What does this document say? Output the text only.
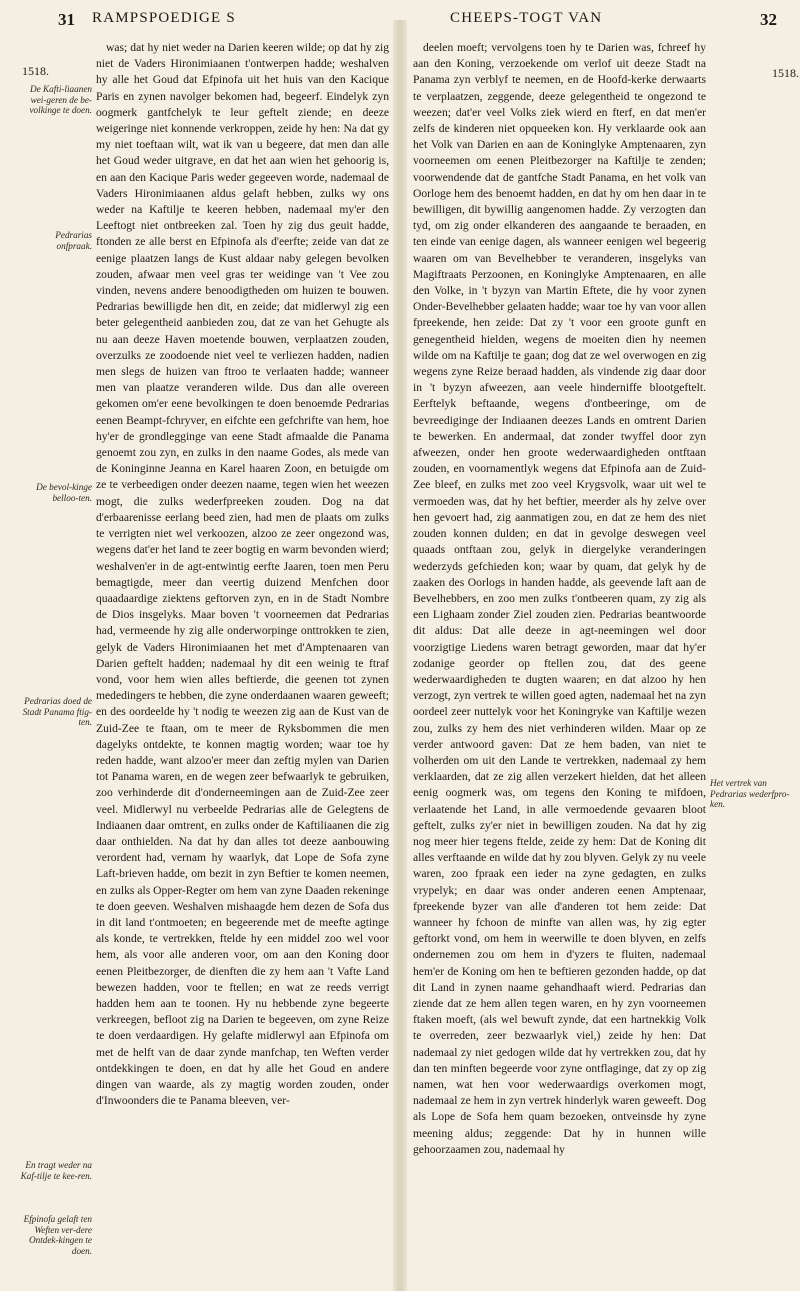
31 RAMPSPOEDIGE S	CHEEPS-TOGT VAN	32
1518.	1518.
De Kafti-liaanen wei-geren de be-volkinge te doen.
Pedrarias onfpraak.
De bevol-kinge belloo-ten.
Pedrarias doed de Stadt Panama ftig-ten.
En tragt weder na Kaf-tilje te kee-ren.
Efpinofa gelaft ten Weften ver-dere Ontdek-kingen te doen.
Het vertrek van Pedrarias wederfpro-ken.

was; dat hy niet weder na Darien keeren wilde; op dat hy zig niet de Vaders Hironimiaanen t'ontwerpen hadde; weshalven hy alle het Goud dat Efpinofa uit het huis van den Kacique Paris en zynen navolger bekomen had, begeerf. Eindelyk zyn oogmerk gantfchelyk te leur geftelt ziende; en deeze weigeringe niet konnende verkroppen, zeide hy hen: Na dat gy my niet toeftaan wilt, wat ik van u begeere, dat men dan alle het Goud weder uitgrave, en dat het aan wien het gehoorig is, en aan den Kacique Paris weder gegeeven worde, nademaal de Vaders Hironimiaanen aldus gelaft hebben, zulks wy ons weder na Kaftilje te keeren hebben, nademaal my'er den Leeftogt niet ontbreeken zal. Toen hy zig dus geuit hadde, ftonden ze alle berst en Efpinofa als d'eerfte; zeide van dat ze eenige plaatzen langs de Kust aldaar naby gelegen bevolken zouden, afwaar men veel gras ter weidinge van 't Vee zou vinden, nevens andere benoodigtheden om huizen te bouwen. Pedrarias bewilligde hen dit, en zeide; dat midlerwyl zig een beter gelegentheid aanbieden zou, dat ze van het Gehugte als nu aan deeze Haven moetende bouwen, verplaatzen zouden, overzulks ze zoodoende niet veel te verliezen hadden, nadien men slegs de huizen van ftroo te verlaaten hadde; wanneer men van plaatze veranderen wilde. Dus dan alle overeen gekomen om'er eene bevolkingen te doen benoemde Pedrarias eenen Beampt-fchryver, en eifchte een gefchrifte van hem, hoe hy'er de grondlegginge van eene Stadt afmaalde die Panama genoemt zou zyn, en zulks in den naame Godes, als mede van de Koninginne Jeanna en Karel haaren Zoon, en betuigde om ze te verbeedigen onder deezen naame, tegen wien het weezen mogt, die zulks wederfpreeken zouden. Dog na dat d'erbaarenisse eerlang beed zien, had men de plaats om zulks te verrigten niet wel verkoozen, alzoo ze zeer ongezond was, wegens dat'er het land te zeer bogtig en warm bevonden wierd; weshalven'er in de agt-entwintig eerfte Jaaren, toen men Peru bemagtigde, meer dan veertig duizend Menfchen door quaadaardige ziektens geftorven zyn, en in de Stadt Nombre de Dios insgelyks. Maar boven 't voorneemen dat Pedrarias had, vermeende hy zig alle onderworpinge onttrokken te zien, gelyk de Vaders Hironimiaanen het met d'Amptenaaren van Darien geftelt hadden; nademaal hy dit een weinig te ftraf vond, voor hem wien alles beftierde, die geenen tot zynen mededingers te hebben, die zyne onderdaanen waaren geweeft; en des oordeelde hy 't nodig te weezen zig aan de Kust van de Zuid-Zee te ftaan, om te meer de Ryksbommen die men dagelyks ontdekte, te konnen magtig worden; waar toe hy reden hadde, want alzoo'er meer dan zeftig mylen van Darien tot Panama waren, en de wegen zeer befwaarlyk te gebruiken, zoo verhinderde dit d'onderneemingen aan de Zuid-Zee zeer veel. Midlerwyl nu verbeelde Pedrarias alle de Gelegtens de Indiaanen daar omtrent, en zulks onder de Kaftiliaanen die zig daar onthielden. Na dat hy dan alles tot deeze aanbouwing verordent had, vernam hy waarlyk, dat Lope de Sofa zyne Laft-brieven hadde, om bezit in zyn Beftier te komen neemen, en zulks als Opper-Regter om hem van zyne Daaden rekeninge te doen geeven. Weshalven mishaagde hem dezen de Sofa dus in dit land t'ontmoeten; en begeerende met de meefte agtinge als konde, te vertrekken, ftelde hy een middel zoo wel voor hem, als voor alle anderen voor, om aan den Koning door eenen Pleitbezorger, de dienften die zy hem aan 't Vafte Land bewezen hadden, voor te ftellen; en wat ze reeds verrigt hadden hem aan te toonen. Hy nu hebbende zyne begeerte verkreegen, befloot zig na Darien te begeeven, om zyne Reize te doen verdaardigen. Hy gelafte midlerwyl aan Efpinofa om met de helft van de daar zynde manfchap, ten Weften verder ontdekkingen te doen, en dat hy alle het Goud en andere dingen van waarde, als zy magtig worden zouden, onder d'Inwoonders die te Panama bleeven, ver-

deelen moeft; vervolgens toen hy te Darien was, fchreef hy aan den Koning, verzoekende om verlof uit deeze Stadt na Panama zyn verblyf te neemen, en de Hoofd-kerke derwaarts te verplaatzen, zeggende, deeze gelegentheid te ongezond te weezen; dat'er veel Volks ziek wierd en fterf, en dat men'er zelfs de kinderen niet opqueeken kon. Hy verklaarde ook aan het Volk van Darien en aan de Koninglyke Amptenaaren, zyn voorneemen om eenen Pleitbezorger na Kaftilje te zenden; voorwendende dat de gantfche Stadt Panama, en het volk van Oorloge hem des benoemt hadden, en dat hy om hen daar in te bewilligen, dit bywillig aangenomen hadde. Zy verzogten dan tyd, om zig onder elkanderen des aangaande te beraaden, en ten einde van eenige dagen, als wanneer eenigen wel begeerig waaren om van Bevelhebber te veranderen, insgelyks van Magiftraats Perzoonen, en Koninglyke Amptenaaren, en alle den Volke, in 't byzyn van Martin Eftete, die hy voor zynen Onder-Bevelhebber gelaaten hadde; waar toe hy van voor allen fpreekende, hen zeide: Dat zy 't voor een groote gunft en genegentheid hielden, wegens de moeiten dien hy neemen wilde om na Kaftilje te gaan; dog dat ze wel overwogen en zig wegens zyne Reize beraad hadden, als vindende zig daar door in 't byzyn afweezen, aan veele hinderniffe blootgeftelt. Eerftelyk beftaande, wegens d'ontbeeringe, om de bevreediginge der Indiaanen deezes Lands en omtrent Darien te bewerken. En andermaal, dat zonder twyffel door zyn afweezen, onder hen groote wederwaardigheden ontftaan zouden, en voornamentlyk wegens dat Efpinofa aan de Zuid-Zee bleef, en zulks met zoo veel Krygsvolk, waar uit wel te vermoeden was, dat hy het beftier, meerder als hy zelve over hen gevoert had, zig aanmatigen zou, en dat ze hem des niet zouden konnen dulden; en dat in gevolge deswegen veel quaads ontftaan zou, gelyk in diergelyke veranderingen wederzyds gefchieden kon; waar by quam, dat gelyk hy de zaaken des Oorlogs in handen hadde, als geevende laft aan de Bevelhebbers, en zoo men zulks t'ontbeeren quam, zy zig als een Lighaam zonder Ziel zouden zien. Pedrarias beantwoorde dit aldus: Dat alle deeze in agt-neemingen wel door voorzigtige Liedens waren betragt geworden, maar dat hy'er zodanige georder op ftellen zou, dat des geene wederwaardigheden te dugten waaren; en dat alzoo hy hen verzogt, zyn vertrek te willen goed agten, nademaal het na zyn oordeel zeer nuttelyk voor het Koningryke van Kaftilje wezen zou, zulks zy hem des niet verhinderen wilden. Maar op ze verder antwoord gaven: Dat ze hem baden, van niet te volherden om uit den Lande te vertrekken, nademaal zy hem verklaarden, dat ze zig allen verzekert hielden, dat het alleen eenig oogmerk was, om tegens den Koning te mifdoen, verlaatende het Land, in alle vermoedende gevaaren bloot geftelt, zulks zy'er niet in bewilligen zouden. Na dat hy zig nog meer hier tegens ftelde, zeide zy hem: Dat de Koning dit alles verftaande en wilde dat hy zou blyven. Gelyk zy nu veele waren, zoo fpraak een ieder na zyne gedagten, en zulks vrypelyk; en daar was onder anderen eenen Amptenaar, fpreekende byzer van alle d'anderen tot hem zeide: Dat wanneer hy fchoon de minfte van allen was, hy zig egter geftorkt vond, om hem in weerwille te doen blyven, en zelfs ondernemen zou om hem in d'yzers te fluiten, nademaal hem'er de Koning om hen te beftieren gezonden hadde, op dat dit Land in zynen naame gehandhaaft wierd. Pedrarias dan ziende dat ze hem allen tegen waren, en hy zyn voorneemen ftaken moeft, (als wel bewuft zynde, dat een hartnekkig Volk te overreden, zeer bezwaarlyk viel,) zeide hy hen: Dat nademaal zy niet gedogen wilde dat hy vertrekken zou, dat hy dan ten minften begeerde voor zyne ontflaginge, dat zy op zig namen, wat hen voor wederwaardigs overkomen mogt, nademaal ze hem in zyn vertrek hinderlyk waren geweeft. Dog als Lope de Sofa hem quam bezoeken, ontveinsde hy zyne meening aldus; zeggende: Dat hy in hunnen wille gehoorzaamen zou, nademaal hy
